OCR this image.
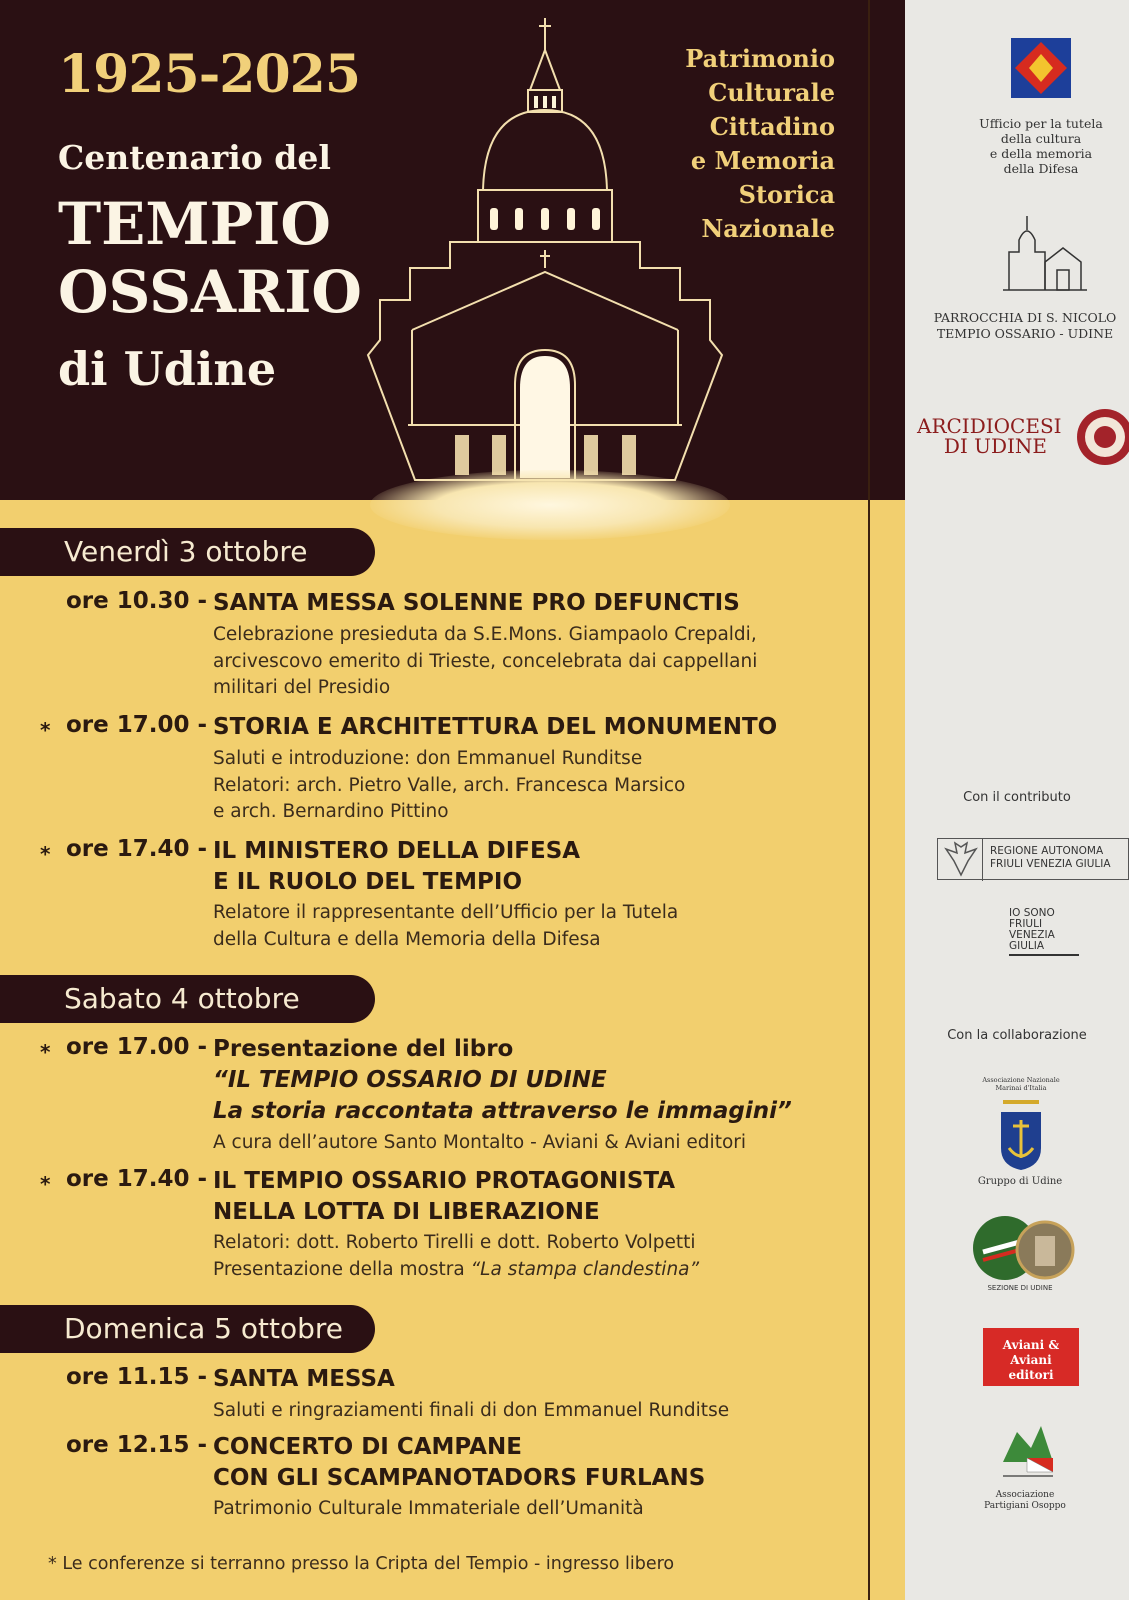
1925-2025
Centenario del
TEMPIO
OSSARIO
di Udine
Patrimonio
Culturale
Cittadino
e Memoria
Storica
Nazionale
Venerdì 3 ottobre
ore 10.30 - SANTA MESSA SOLENNE PRO DEFUNCTIS
Celebrazione presieduta da S.E.Mons. Giampaolo Crepaldi,
arcivescovo emerito di Trieste, concelebrata dai cappellani
militari del Presidio
* ore 17.00 - STORIA E ARCHITETTURA DEL MONUMENTO
Saluti e introduzione: don Emmanuel Runditse
Relatori: arch. Pietro Valle, arch. Francesca Marsico
e arch. Bernardino Pittino
* ore 17.40 - IL MINISTERO DELLA DIFESA
E IL RUOLO DEL TEMPIO
Relatore il rappresentante dell’Ufficio per la Tutela
della Cultura e della Memoria della Difesa
Sabato 4 ottobre
* ore 17.00 - Presentazione del libro
“IL TEMPIO OSSARIO DI UDINE
La storia raccontata attraverso le immagini”
A cura dell’autore Santo Montalto - Aviani & Aviani editori
* ore 17.40 - IL TEMPIO OSSARIO PROTAGONISTA
NELLA LOTTA DI LIBERAZIONE
Relatori: dott. Roberto Tirelli e dott. Roberto Volpetti
Presentazione della mostra “La stampa clandestina”
Domenica 5 ottobre
ore 11.15 - SANTA MESSA
Saluti e ringraziamenti finali di don Emmanuel Runditse
ore 12.15 - CONCERTO DI CAMPANE
CON GLI SCAMPANOTADORS FURLANS
Patrimonio Culturale Immateriale dell’Umanità
* Le conferenze si terranno presso la Cripta del Tempio - ingresso libero
Ufficio per la tutela
della cultura
e della memoria
della Difesa
PARROCCHIA DI S. NICOLO
TEMPIO OSSARIO - UDINE
ARCIDIOCESI
DI UDINE
Con il contributo
REGIONE AUTONOMA
FRIULI VENEZIA GIULIA
IO SONO
FRIULI
VENEZIA
GIULIA
Con la collaborazione
Associazione Nazionale
Marinai d'Italia
Gruppo di Udine
SEZIONE DI UDINE
Aviani & Aviani
editori
Associazione
Partigiani Osoppo
